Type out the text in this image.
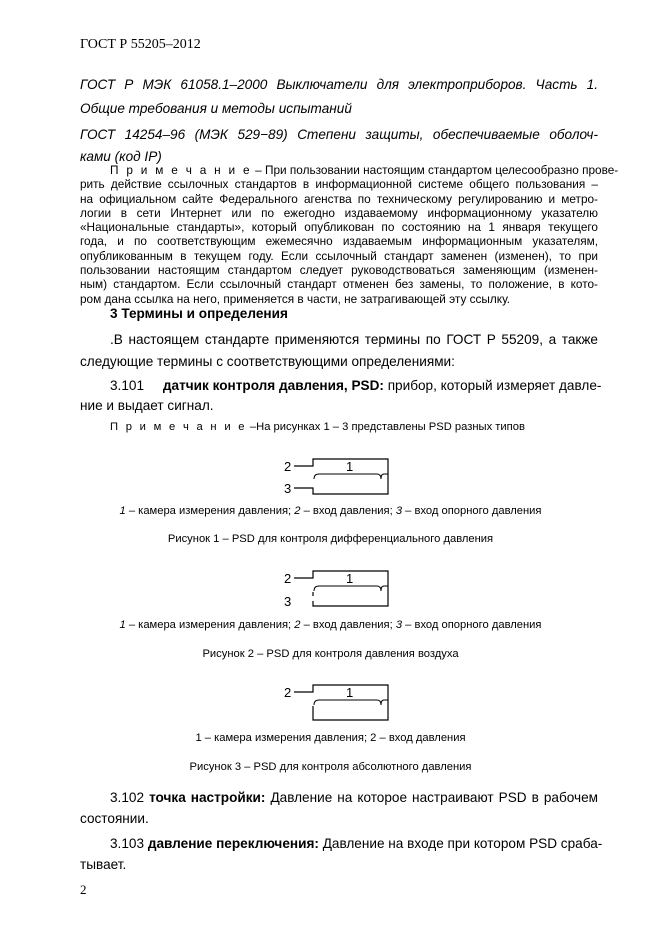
ГОСТ Р 55205–2012
ГОСТ Р МЭК 61058.1–2000 Выключатели для электроприборов. Часть 1.
Общие требования и методы испытаний
ГОСТ 14254–96 (МЭК 529−89) Степени защиты, обеспечиваемые оболоч-
ками (код IP)
П р и м е ч а н и е – При пользовании настоящим стандартом целесообразно прове-
рить действие ссылочных стандартов в информационной системе общего пользования –
на официальном сайте Федерального агенства по техническому регулированию и метро-
логии в сети Интернет или по ежегодно издаваемому информационному указателю
«Национальные стандарты», который опубликован по состоянию на 1 января текущего
года, и по соответствующим ежемесячно издаваемым информационным указателям,
опубликованным в текущем году. Если ссылочный стандарт заменен (изменен), то при
пользовании настоящим стандартом следует руководствоваться заменяющим (изменен-
ным) стандартом. Если ссылочный стандарт отменен без замены, то положение, в кото-
ром дана ссылка на него, применяется в части, не затрагивающей эту ссылку.
3 Термины и определения
.В настоящем стандарте применяются термины по ГОСТ Р 55209, а также
следующие термины с соответствующими определениями:
3.101 датчик контроля давления, PSD: прибор, который измеряет давле-
ние и выдает сигнал.
П р и м е ч а н и е –На рисунках 1 – 3 представлены PSD разных типов
2
3
1
1 – камера измерения давления; 2 – вход давления; 3 – вход опорного давления
Рисунок 1 – PSD для контроля дифференциального давления
2
3
1
1 – камера измерения давления; 2 – вход давления; 3 – вход опорного давления
Рисунок 2 – PSD для контроля давления воздуха
2	1
1 – камера измерения давления; 2 – вход давления
Рисунок 3 – PSD для контроля абсолютного давления
3.102 точка настройки: Давление на которое настраивают PSD в рабочем
состоянии.
3.103 давление переключения: Давление на входе при котором PSD сраба-
тывает.
2
